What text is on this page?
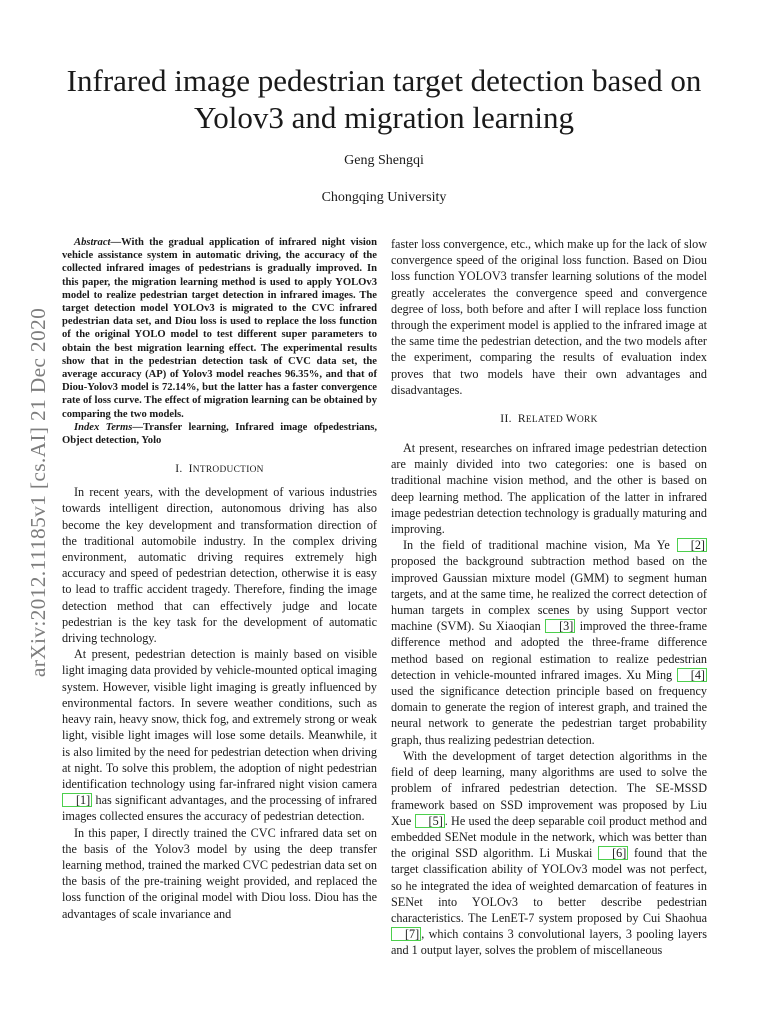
arXiv:2012.11185v1 [cs.AI] 21 Dec 2020
Infrared image pedestrian target detection based on
Yolov3 and migration learning
Geng Shengqi
Chongqing University

Abstract—With the gradual application of infrared night vision vehicle assistance system in automatic driving, the accuracy of the collected infrared images of pedestrians is gradually improved. In this paper, the migration learning method is used to apply YOLOv3 model to realize pedestrian target detection in infrared images. The target detection model YOLOv3 is migrated to the CVC infrared pedestrian data set, and Diou loss is used to replace the loss function of the original YOLO model to test different super parameters to obtain the best migration learning effect. The experimental results show that in the pedestrian detection task of CVC data set, the average accuracy (AP) of Yolov3 model reaches 96.35%, and that of Diou-Yolov3 model is 72.14%, but the latter has a faster convergence rate of loss curve. The effect of migration learning can be obtained by comparing the two models.

Index Terms—Transfer learning, Infrared image ofpedestrians, Object detection, Yolo

I. INTRODUCTION

In recent years, with the development of various industries towards intelligent direction, autonomous driving has also become the key development and transformation direction of the traditional automobile industry. In the complex driving environment, automatic driving requires extremely high accuracy and speed of pedestrian detection, otherwise it is easy to lead to traffic accident tragedy. Therefore, finding the image detection method that can effectively judge and locate pedestrian is the key task for the development of automatic driving technology.

At present, pedestrian detection is mainly based on visible light imaging data provided by vehicle-mounted optical imaging system. However, visible light imaging is greatly influenced by environmental factors. In severe weather conditions, such as heavy rain, heavy snow, thick fog, and extremely strong or weak light, visible light images will lose some details. Meanwhile, it is also limited by the need for pedestrian detection when driving at night. To solve this problem, the adoption of night pedestrian identification technology using far-infrared night vision camera [1] has significant advantages, and the processing of infrared images collected ensures the accuracy of pedestrian detection.

In this paper, I directly trained the CVC infrared data set on the basis of the Yolov3 model by using the deep transfer learning method, trained the marked CVC pedestrian data set on the basis of the pre-training weight provided, and replaced the loss function of the original model with Diou loss. Diou has the advantages of scale invariance and

faster loss convergence, etc., which make up for the lack of slow convergence speed of the original loss function. Based on Diou loss function YOLOV3 transfer learning solutions of the model greatly accelerates the convergence speed and convergence degree of loss, both before and after I will replace loss function through the experiment model is applied to the infrared image at the same time the pedestrian detection, and the two models after the experiment, comparing the results of evaluation index proves that two models have their own advantages and disadvantages.

II. RELATED WORK

At present, researches on infrared image pedestrian detection are mainly divided into two categories: one is based on traditional machine vision method, and the other is based on deep learning method. The application of the latter in infrared image pedestrian detection technology is gradually maturing and improving.

In the field of traditional machine vision, Ma Ye [2] proposed the background subtraction method based on the improved Gaussian mixture model (GMM) to segment human targets, and at the same time, he realized the correct detection of human targets in complex scenes by using Support vector machine (SVM). Su Xiaoqian [3] improved the three-frame difference method and adopted the three-frame difference method based on regional estimation to realize pedestrian detection in vehicle-mounted infrared images. Xu Ming [4] used the significance detection principle based on frequency domain to generate the region of interest graph, and trained the neural network to generate the pedestrian target probability graph, thus realizing pedestrian detection.

With the development of target detection algorithms in the field of deep learning, many algorithms are used to solve the problem of infrared pedestrian detection. The SE-MSSD framework based on SSD improvement was proposed by Liu Xue [5] . He used the deep separable coil product method and embedded SENet module in the network, which was better than the original SSD algorithm. Li Muskai [6] found that the target classification ability of YOLOv3 model was not perfect, so he integrated the idea of weighted demarcation of features in SENet into YOLOv3 to better describe pedestrian characteristics. The LenET-7 system proposed by Cui Shaohua [7] , which contains 3 convolutional layers, 3 pooling layers and 1 output layer, solves the problem of miscellaneous
